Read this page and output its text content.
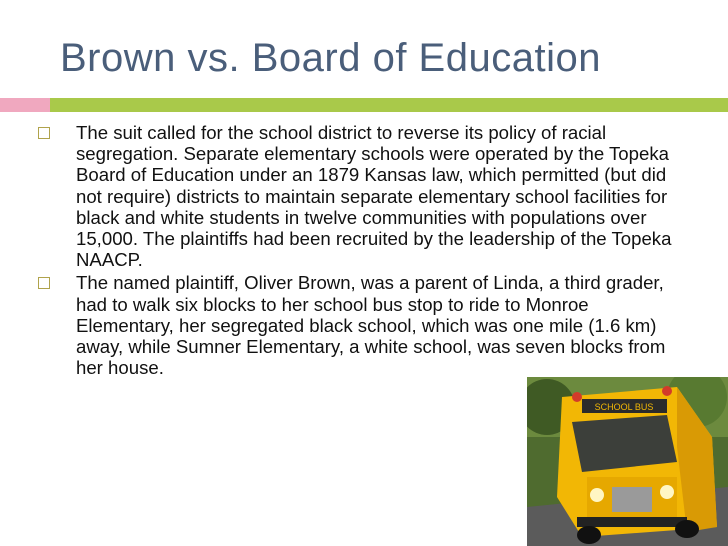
Brown vs. Board of Education
The suit called for the school district to reverse its policy of racial segregation. Separate elementary schools were operated by the Topeka Board of Education under an 1879 Kansas law, which permitted (but did not require) districts to maintain separate elementary school facilities for black and white students in twelve communities with populations over 15,000. The plaintiffs had been recruited by the leadership of the Topeka NAACP.
The named plaintiff, Oliver Brown, was a parent of Linda, a third grader, had to walk six blocks to her school bus stop to ride to Monroe Elementary, her segregated black school, which was one mile (1.6 km) away, while Sumner Elementary, a white school, was seven blocks from her house.
SCHOOL BUS
